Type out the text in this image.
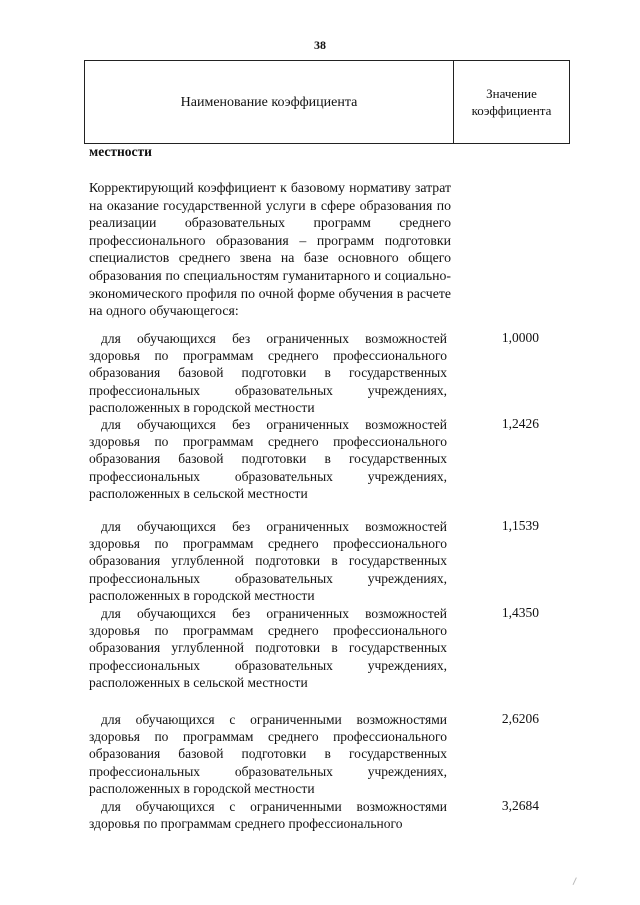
38
Наименование коэффициента
Значение
коэффициента
местности
Корректирующий коэффициент к базовому нормативу затрат на оказание государственной услуги в сфере образования по реализации образовательных программ среднего профессионального образования – программ подготовки специалистов среднего звена на базе основного общего образования по специальностям гуманитарного и социально-экономического профиля по очной форме обучения в расчете на одного обучающегося:
для обучающихся без ограниченных возможностей здоровья по программам среднего профессионального образования базовой подготовки в государственных профессиональных образовательных учреждениях, расположенных в городской местности
1,0000
для обучающихся без ограниченных возможностей здоровья по программам среднего профессионального образования базовой подготовки в государственных профессиональных образовательных учреждениях, расположенных в сельской местности
1,2426
для обучающихся без ограниченных возможностей здоровья по программам среднего профессионального образования углубленной подготовки в государственных профессиональных образовательных учреждениях, расположенных в городской местности
1,1539
для обучающихся без ограниченных возможностей здоровья по программам среднего профессионального образования углубленной подготовки в государственных профессиональных образовательных учреждениях, расположенных в сельской местности
1,4350
для обучающихся с ограниченными возможностями здоровья по программам среднего профессионального образования базовой подготовки в государственных профессиональных образовательных учреждениях, расположенных в городской местности
2,6206
для обучающихся с ограниченными возможностями здоровья по программам среднего профессионального
3,2684
